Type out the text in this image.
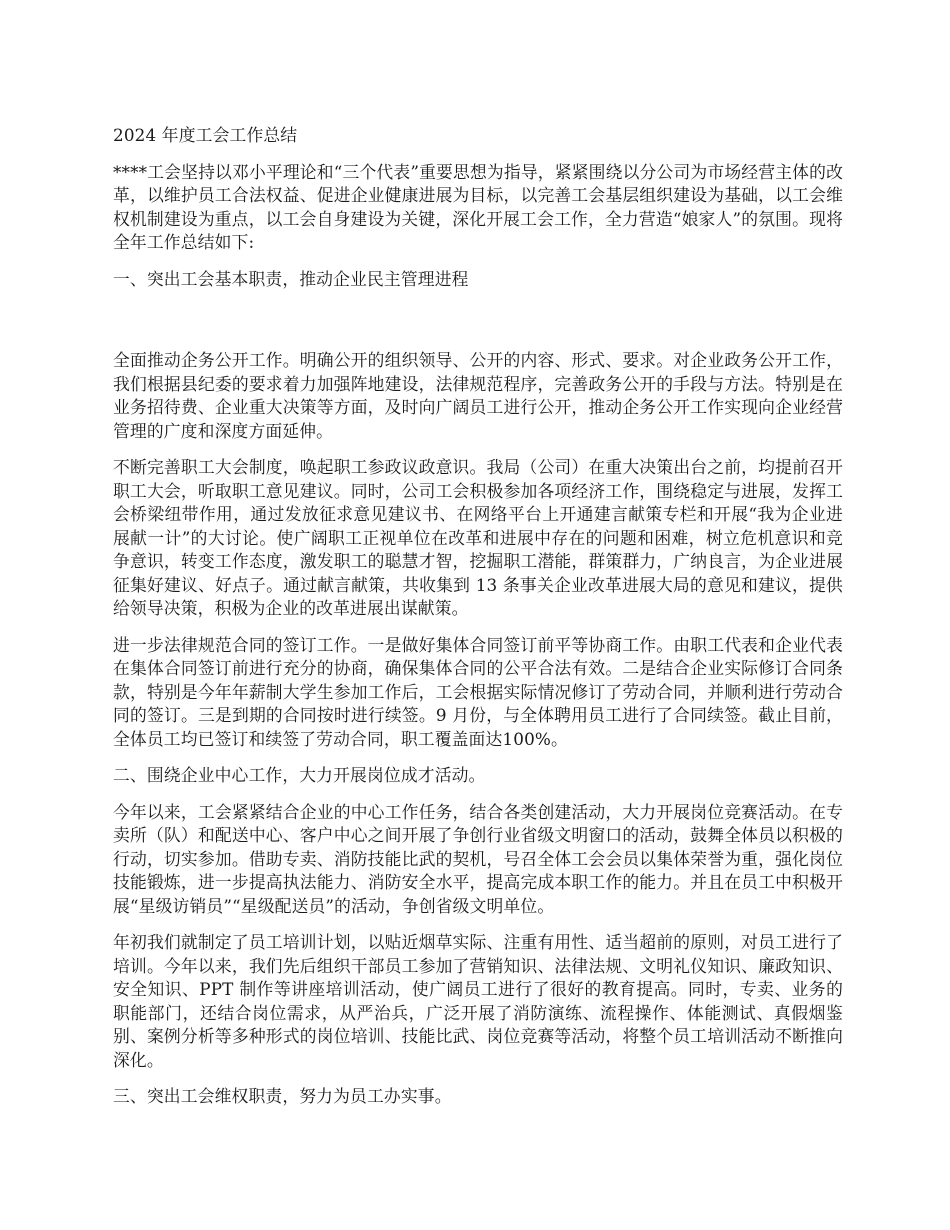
2024 年度工会工作总结

****工会坚持以邓小平理论和“三个代表”重要思想为指导，紧紧围绕以分公司为市场经营主体的改革，以维护员工合法权益、促进企业健康进展为目标，以完善工会基层组织建设为基础，以工会维权机制建设为重点，以工会自身建设为关键，深化开展工会工作，全力营造“娘家人”的氛围。现将全年工作总结如下:

一、突出工会基本职责，推动企业民主管理进程

全面推动企务公开工作。明确公开的组织领导、公开的内容、形式、要求。对企业政务公开工作，我们根据县纪委的要求着力加强阵地建设，法律规范程序，完善政务公开的手段与方法。特别是在业务招待费、企业重大决策等方面，及时向广阔员工进行公开，推动企务公开工作实现向企业经营管理的广度和深度方面延伸。

不断完善职工大会制度，唤起职工参政议政意识。我局（公司）在重大决策出台之前，均提前召开职工大会，听取职工意见建议。同时，公司工会积极参加各项经济工作，围绕稳定与进展，发挥工会桥梁纽带作用，通过发放征求意见建议书、在网络平台上开通建言献策专栏和开展“我为企业进展献一计”的大讨论。使广阔职工正视单位在改革和进展中存在的问题和困难，树立危机意识和竞争意识，转变工作态度，激发职工的聪慧才智，挖掘职工潜能，群策群力，广纳良言，为企业进展征集好建议、好点子。通过献言献策，共收集到 13 条事关企业改革进展大局的意见和建议，提供给领导决策，积极为企业的改革进展出谋献策。

进一步法律规范合同的签订工作。一是做好集体合同签订前平等协商工作。由职工代表和企业代表在集体合同签订前进行充分的协商，确保集体合同的公平合法有效。二是结合企业实际修订合同条款，特别是今年年薪制大学生参加工作后，工会根据实际情况修订了劳动合同，并顺利进行劳动合同的签订。三是到期的合同按时进行续签。9 月份，与全体聘用员工进行了合同续签。截止目前，全体员工均已签订和续签了劳动合同，职工覆盖面达100%。

二、围绕企业中心工作，大力开展岗位成才活动。

今年以来，工会紧紧结合企业的中心工作任务，结合各类创建活动，大力开展岗位竞赛活动。在专卖所（队）和配送中心、客户中心之间开展了争创行业省级文明窗口的活动，鼓舞全体员以积极的行动，切实参加。借助专卖、消防技能比武的契机，号召全体工会会员以集体荣誉为重，强化岗位技能锻炼，进一步提高执法能力、消防安全水平，提高完成本职工作的能力。并且在员工中积极开展“星级访销员”“星级配送员”的活动，争创省级文明单位。

年初我们就制定了员工培训计划，以贴近烟草实际、注重有用性、适当超前的原则，对员工进行了培训。今年以来，我们先后组织干部员工参加了营销知识、法律法规、文明礼仪知识、廉政知识、安全知识、PPT 制作等讲座培训活动，使广阔员工进行了很好的教育提高。同时，专卖、业务的职能部门，还结合岗位需求，从严治兵，广泛开展了消防演练、流程操作、体能测试、真假烟鉴别、案例分析等多种形式的岗位培训、技能比武、岗位竞赛等活动，将整个员工培训活动不断推向深化。

三、突出工会维权职责，努力为员工办实事。
